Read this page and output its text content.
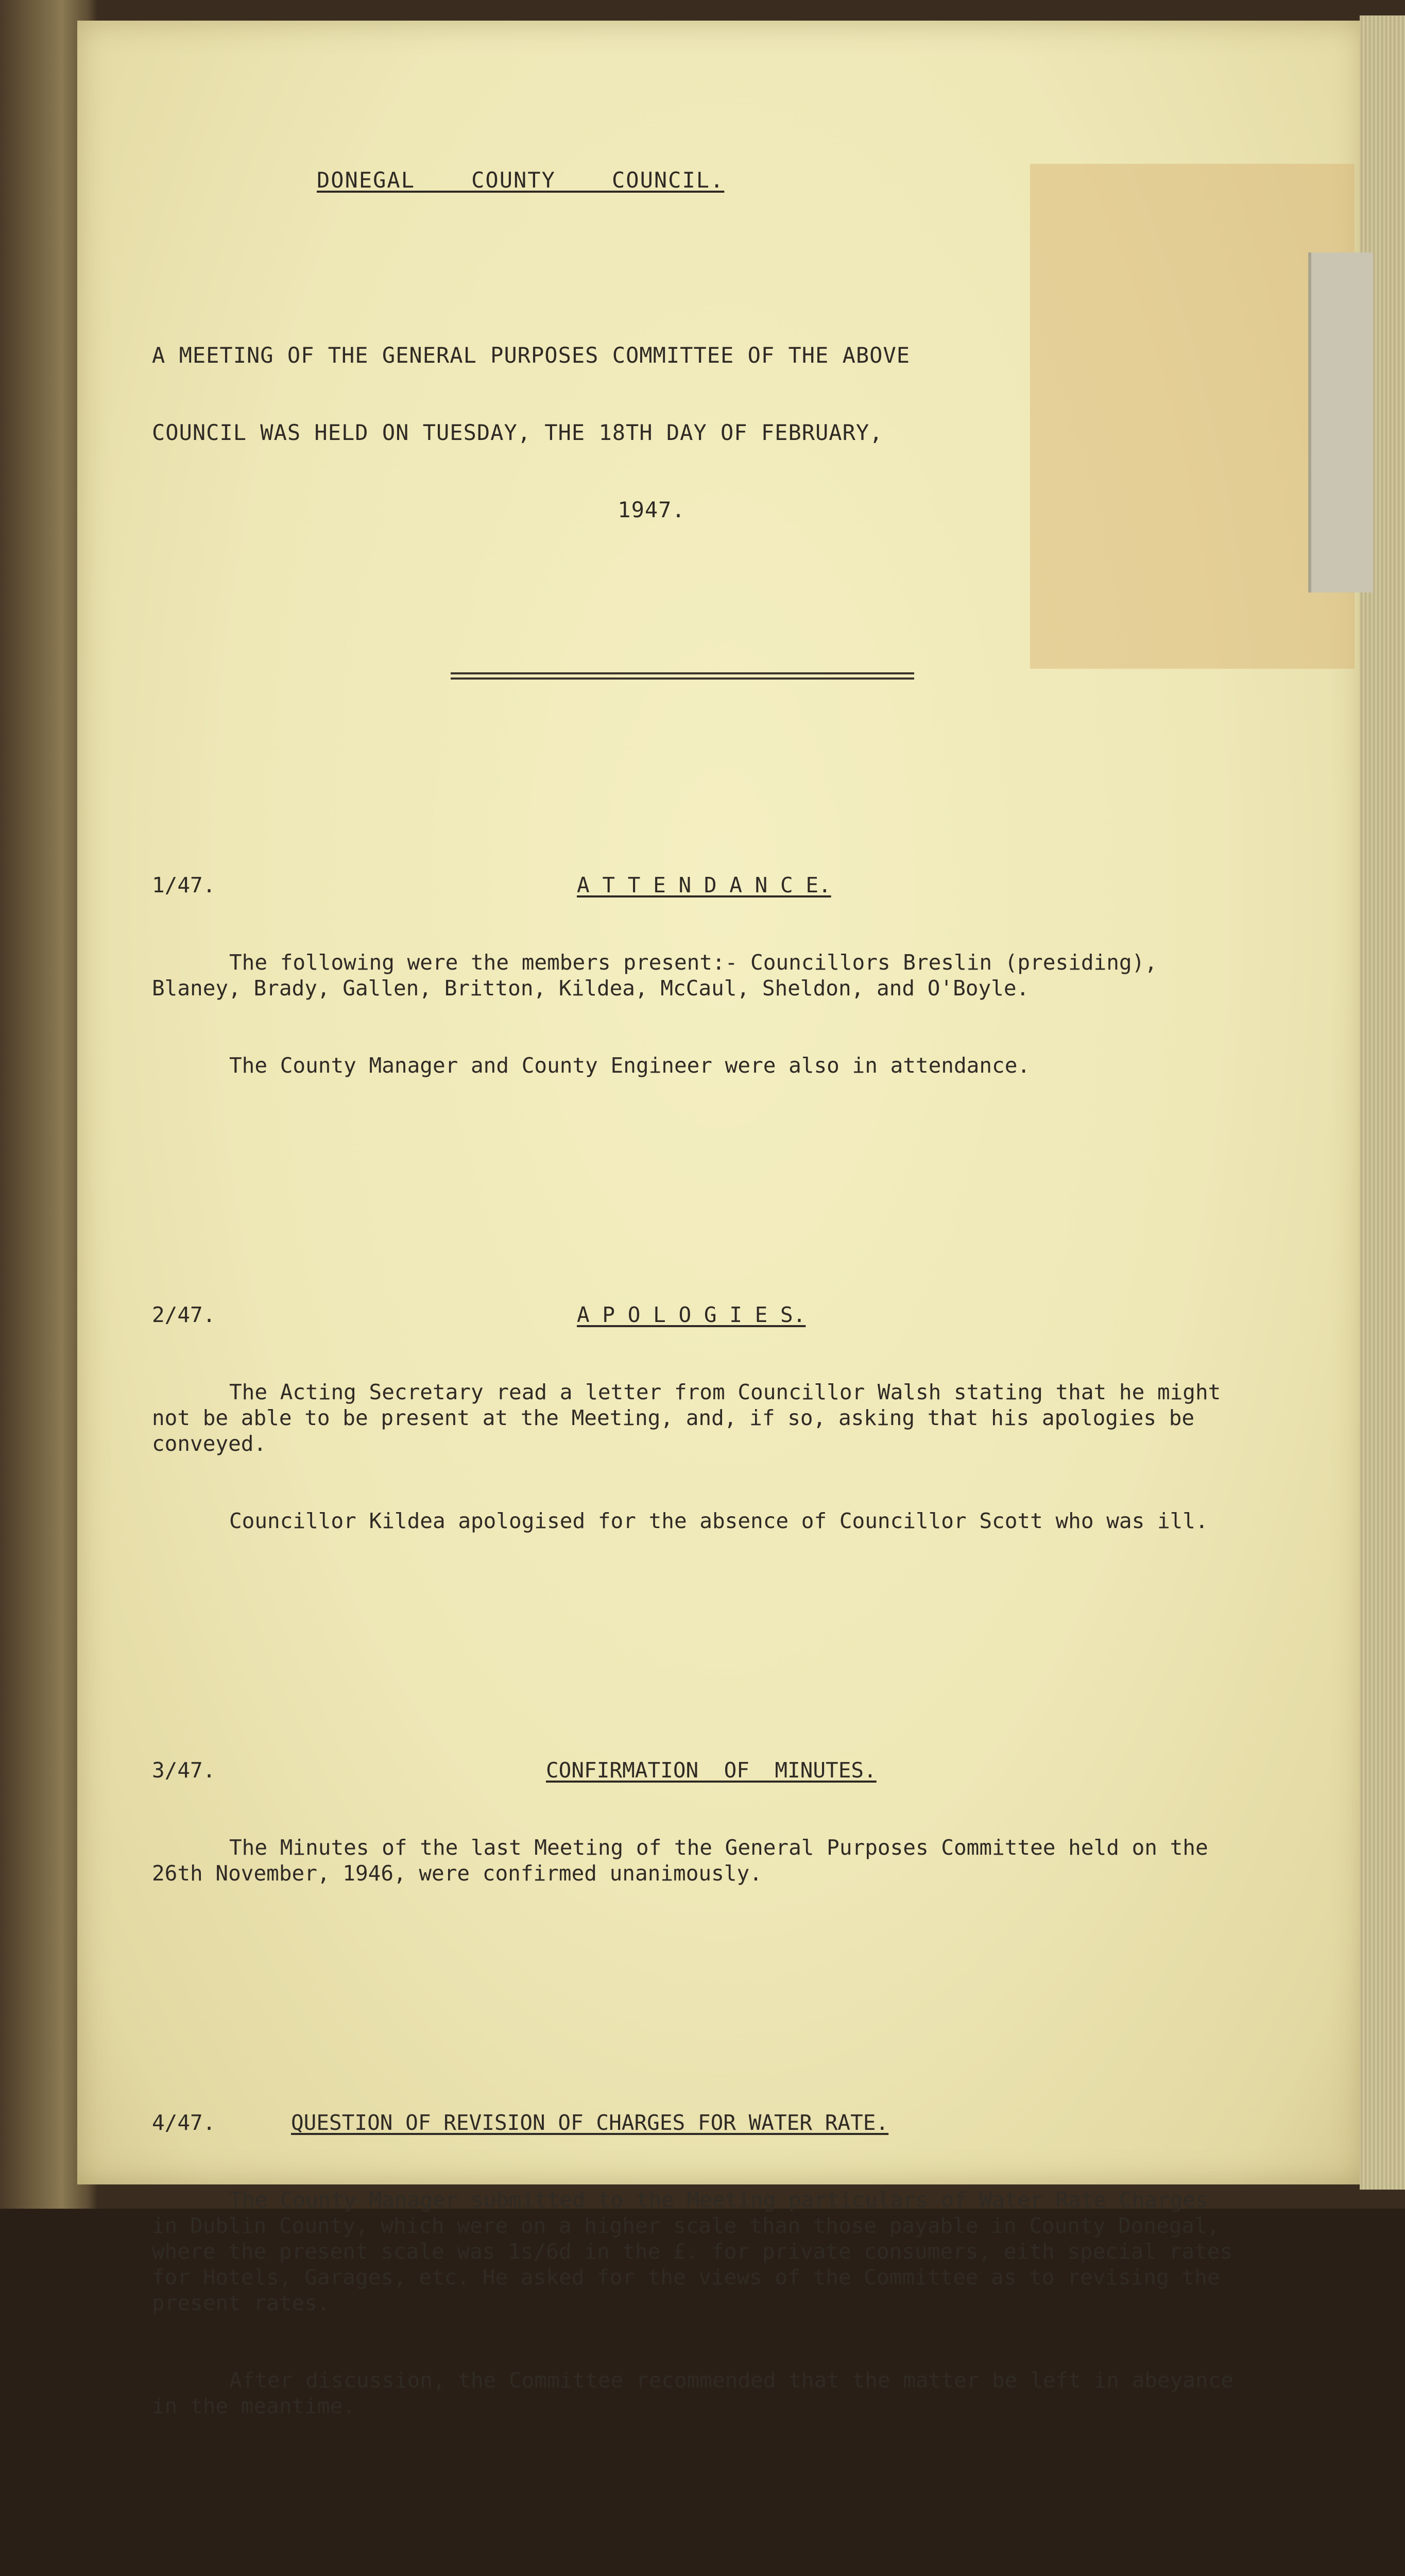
DONEGAL    COUNTY    COUNCIL.

A MEETING OF THE GENERAL PURPOSES COMMITTEE OF THE ABOVE

COUNCIL WAS HELD ON TUESDAY, THE 18TH DAY OF FEBRUARY,

1947.

1/47.

	A T T E N D A N C E.

The following were the members present:- Councillors Breslin (presiding), Blaney, Brady, Gallen, Britton, Kildea, McCaul, Sheldon, and O'Boyle.

The County Manager and County Engineer were also in attendance.

2/47.

	A P O L O G I E S.

The Acting Secretary read a letter from Councillor Walsh stating that he might not be able to be present at the Meeting, and, if so, asking that his apologies be conveyed.

Councillor Kildea apologised for the absence of Councillor Scott who was ill.

3/47.

	CONFIRMATION  OF  MINUTES.

The Minutes of the last Meeting of the General Purposes Committee held on the 26th November, 1946, were confirmed unanimously.

4/47.

	QUESTION OF REVISION OF CHARGES FOR WATER RATE.

The County Manager submitted to the Meeting particulars of Water Rate Charges in Dublin County, which were on a higher scale than those payable in County Donegal, where the present scale was 1s/6d in the £. for private consumers, eith special rates for Hotels, Garages, etc. He asked for the views of the Committee as to revising the present rates.

After discussion, the Committee recommended that the matter be left in abeyance in the meantime.
